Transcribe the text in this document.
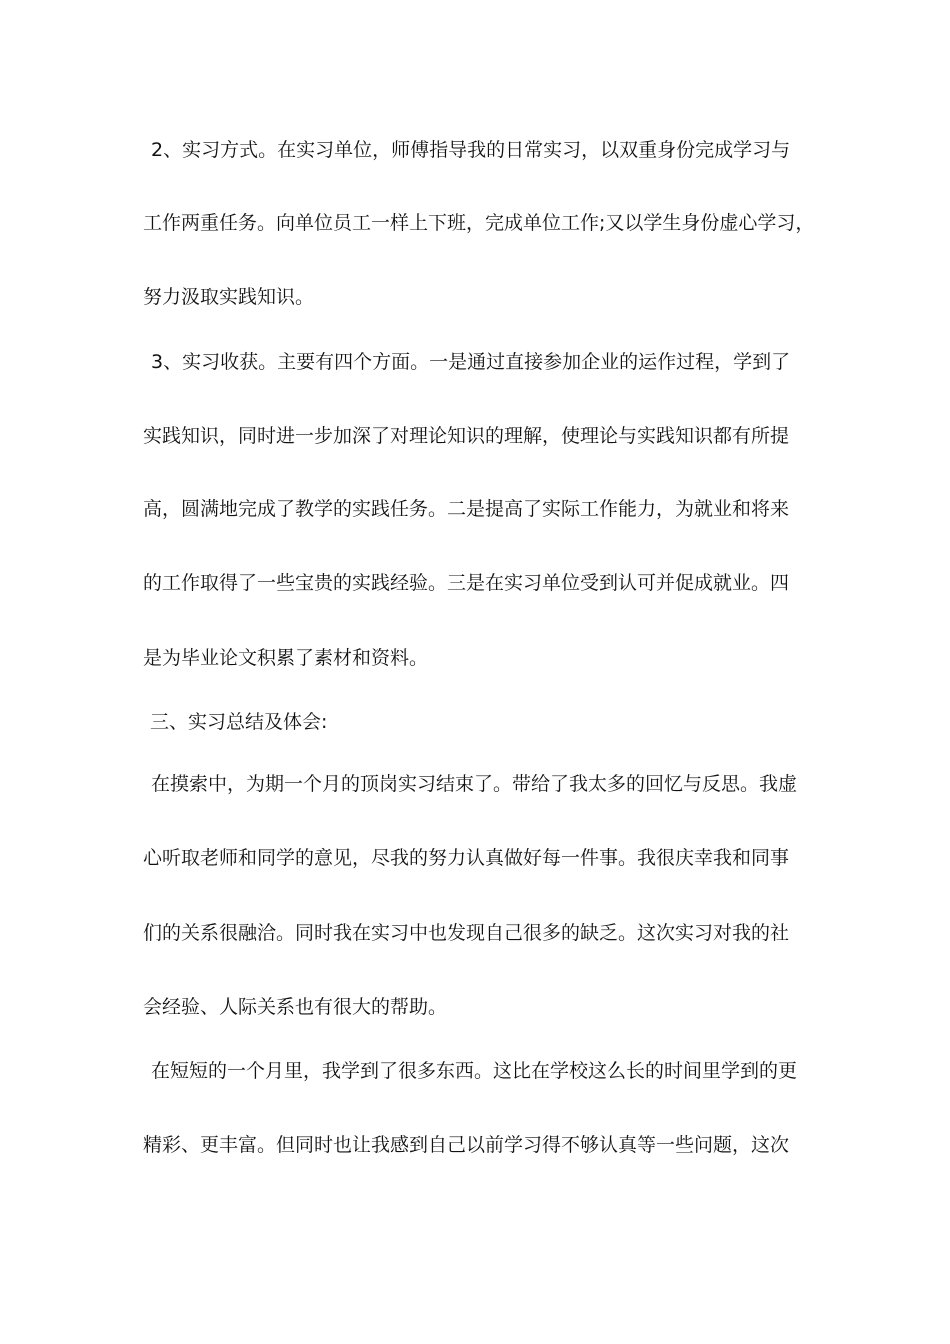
2、实习方式。在实习单位，师傅指导我的日常实习，以双重身份完成学习与
工作两重任务。向单位员工一样上下班，完成单位工作;又以学生身份虚心学习，
努力汲取实践知识。
3、实习收获。主要有四个方面。一是通过直接参加企业的运作过程，学到了
实践知识，同时进一步加深了对理论知识的理解，使理论与实践知识都有所提
高，圆满地完成了教学的实践任务。二是提高了实际工作能力，为就业和将来
的工作取得了一些宝贵的实践经验。三是在实习单位受到认可并促成就业。四
是为毕业论文积累了素材和资料。
三、实习总结及体会:
在摸索中，为期一个月的顶岗实习结束了。带给了我太多的回忆与反思。我虚
心听取老师和同学的意见，尽我的努力认真做好每一件事。我很庆幸我和同事
们的关系很融洽。同时我在实习中也发现自己很多的缺乏。这次实习对我的社
会经验、人际关系也有很大的帮助。
在短短的一个月里，我学到了很多东西。这比在学校这么长的时间里学到的更
精彩、更丰富。但同时也让我感到自己以前学习得不够认真等一些问题，这次
